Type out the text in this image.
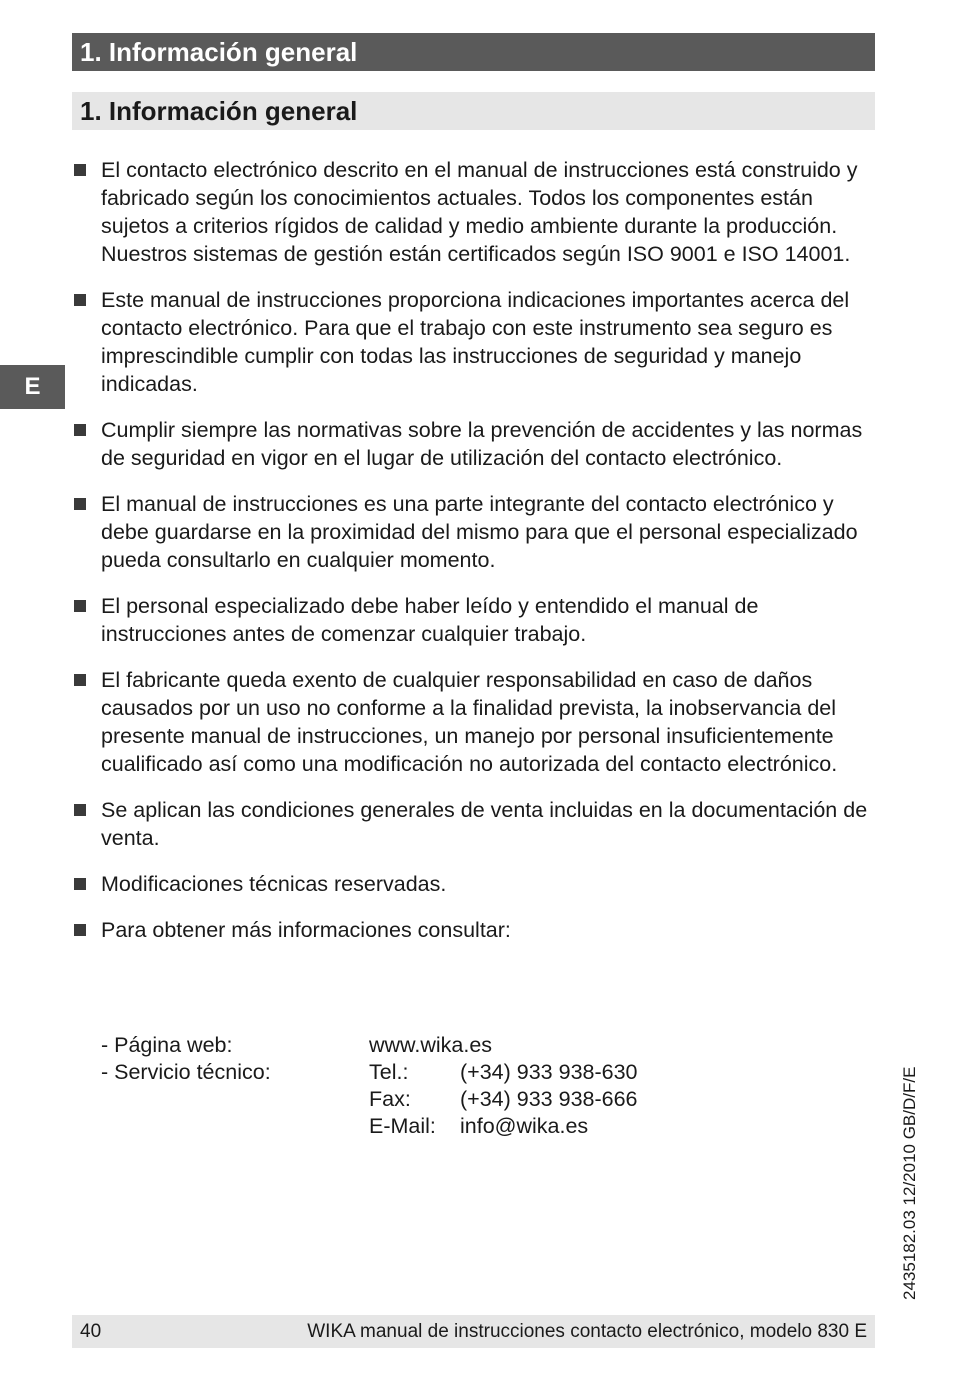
1. Información general
1. Información general
E
El contacto electrónico descrito en el manual de instrucciones está construido y fabricado según los conocimientos actuales. Todos los componentes están sujetos a criterios rígidos de calidad y medio ambiente durante la producción. Nuestros sistemas de gestión están certificados según ISO 9001 e ISO 14001.
Este manual de instrucciones proporciona indicaciones importantes acerca del contacto electrónico. Para que el trabajo con este instrumento sea seguro es imprescindible cumplir con todas las instrucciones de seguridad y manejo indicadas.
Cumplir siempre las normativas sobre la prevención de accidentes y las normas de seguridad en vigor en el lugar de utilización del contacto electrónico.
El manual de instrucciones es una parte integrante del contacto electrónico y debe guardarse en la proximidad del mismo para que el personal especializado pueda consultarlo en cualquier momento.
El personal especializado debe haber leído y entendido el manual de instrucciones antes de comenzar cualquier trabajo.
El fabricante queda exento de cualquier responsabilidad en caso de daños causados por un uso no conforme a la finalidad prevista, la inobservancia del presente manual de instrucciones, un manejo por personal insuficientemente cualificado así como una modificación no autorizada del contacto electrónico.
Se aplican las condiciones generales de venta incluidas en la documentación de venta.
Modificaciones técnicas reservadas.
Para obtener más informaciones consultar:
- Página web:	www.wika.es
- Servicio técnico:	Tel.: (+34) 933 938-630
Fax: (+34) 933 938-666
E-Mail: info@wika.es	2435182.03 12/2010 GB/D/F/E
40	WIKA manual de instrucciones contacto electrónico, modelo 830 E
